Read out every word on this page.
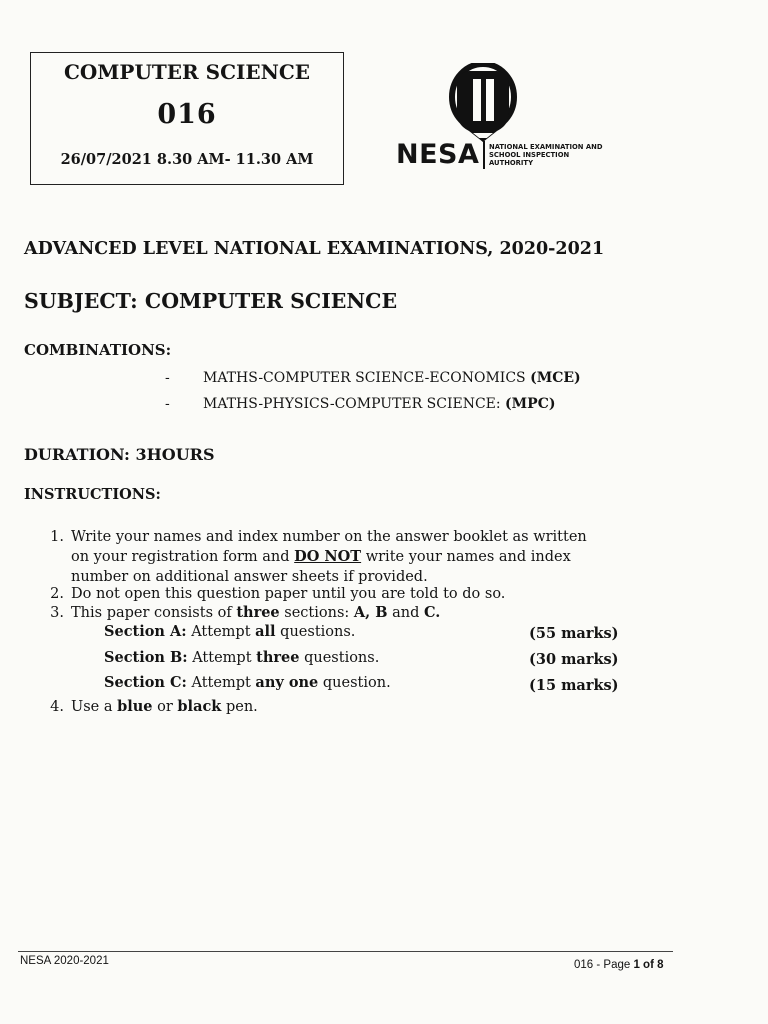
COMPUTER SCIENCE
016
26/07/2021 8.30 AM- 11.30 AM	NESA NATIONAL EXAMINATION AND
SCHOOL INSPECTION
AUTHORITY
ADVANCED LEVEL NATIONAL EXAMINATIONS, 2020-2021
SUBJECT: COMPUTER SCIENCE
COMBINATIONS:
- MATHS-COMPUTER SCIENCE-ECONOMICS (MCE)
- MATHS-PHYSICS-COMPUTER SCIENCE: (MPC)
DURATION: 3HOURS
INSTRUCTIONS:
1. Write your names and index number on the answer booklet as written
on your registration form and DO NOT write your names and index
number on additional answer sheets if provided.
2. Do not open this question paper until you are told to do so.
3. This paper consists of three sections: A, B and C.
Section A: Attempt all questions.	(55 marks)
Section B: Attempt three questions.	(30 marks)
Section C: Attempt any one question.	(15 marks)
4. Use a blue or black pen.
NESA 2020-2021	016 - Page 1 of 8
